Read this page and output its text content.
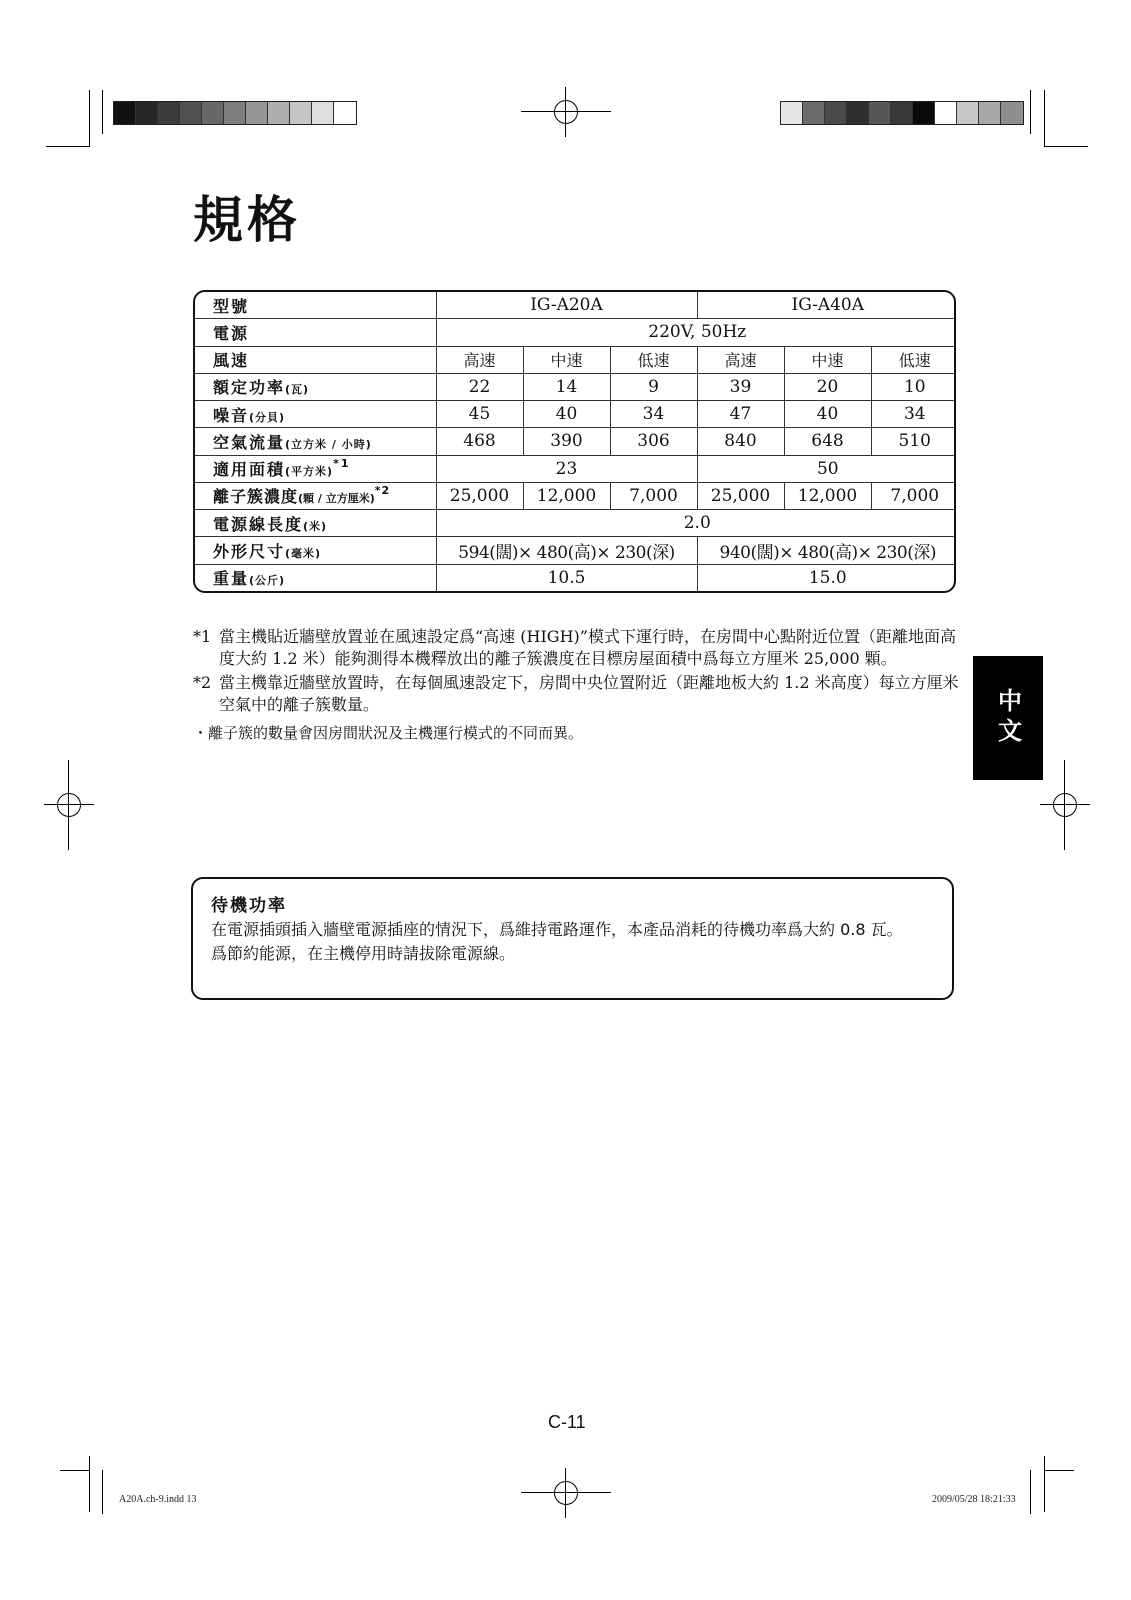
規格
型號	IG-A20A			IG-A40A		
電源	220V, 50Hz					
風速	高速	中速	低速	高速	中速	低速
額定功率(瓦)	22	14	9	39	20	10
噪音(分貝)	45	40	34	47	40	34
空氣流量(立方米 / 小時)	468	390	306	840	648	510
適用面積(平方米)$^{*1}$	23			50		
離子簇濃度(顆 / 立方厘米)$^{*2}$	25,000	12,000	7,000	25,000	12,000	7,000
電源線長度(米)	2.0					
外形尺寸(毫米)	594(闊)× 480(高)× 230(深)			940(闊)× 480(高)× 230(深)		
重量(公斤)	10.5			15.0		
*1 當主機貼近牆壁放置並在風速設定爲“高速 (HIGH)”模式下運行時，在房間中心點附近位置（距離地面高度大約 1.2 米）能夠測得本機釋放出的離子簇濃度在目標房屋面積中爲每立方厘米 25,000 顆。
*2 當主機靠近牆壁放置時，在每個風速設定下，房間中央位置附近（距離地板大約 1.2 米高度）每立方厘米空氣中的離子簇數量。
・離子簇的數量會因房間狀況及主機運行模式的不同而異。	中文
待機功率

在電源插頭插入牆壁電源插座的情況下，爲維持電路運作，本產品消耗的待機功率爲大約 0.8 瓦。

爲節約能源，在主機停用時請拔除電源線。

C-11
A20A.ch-9.indd 13	2009/05/28 18:21:33
